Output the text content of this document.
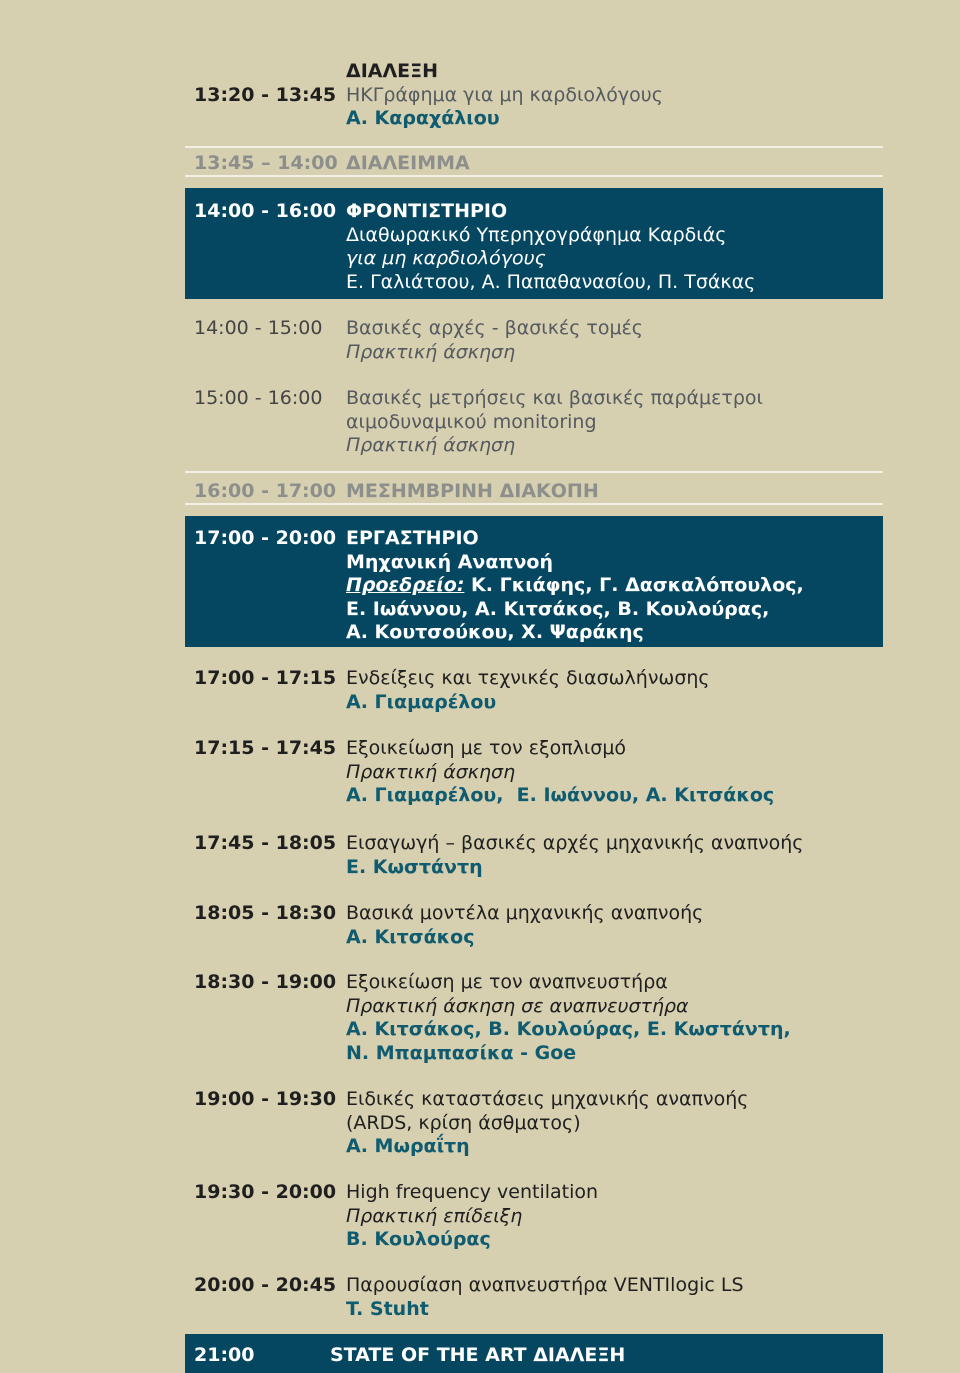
13:20 - 13:45
ΔΙΑΛΕΞΗ
ΗΚΓράφημα για μη καρδιολόγους
Α. Καραχάλιου
13:45 – 14:00 ΔΙΑΛΕΙΜΜΑ
14:00 - 16:00 ΦΡΟΝΤΙΣΤΗΡΙΟ
Διαθωρακικό Υπερηχογράφημα Καρδιάς
για μη καρδιολόγους
Ε. Γαλιάτσου, Α. Παπαθανασίου, Π. Τσάκας
14:00 - 15:00 Βασικές αρχές - βασικές τομές
Πρακτική άσκηση
15:00 - 16:00 Βασικές μετρήσεις και βασικές παράμετροι
αιμοδυναμικού monitoring
Πρακτική άσκηση
16:00 - 17:00 ΜΕΣΗΜΒΡΙΝΗ ΔΙΑΚΟΠΗ
17:00 - 20:00 ΕΡΓΑΣΤΗΡΙΟ
Μηχανική Αναπνοή
Προεδρείο: Κ. Γκιάφης, Γ. Δασκαλόπουλος,
Ε. Ιωάννου, Α. Κιτσάκος, Β. Κουλούρας,
Α. Κουτσούκου, Χ. Ψαράκης
17:00 - 17:15 Ενδείξεις και τεχνικές διασωλήνωσης
Α. Γιαμαρέλου
17:15 - 17:45 Εξοικείωση με τον εξοπλισμό
Πρακτική άσκηση
Α. Γιαμαρέλου,  Ε. Ιωάννου, Α. Κιτσάκος
17:45 - 18:05 Εισαγωγή – βασικές αρχές μηχανικής αναπνοής
Ε. Κωστάντη
18:05 - 18:30 Βασικά μοντέλα μηχανικής αναπνοής
Α. Κιτσάκος
18:30 - 19:00 Εξοικείωση με τον αναπνευστήρα
Πρακτική άσκηση σε αναπνευστήρα
Α. Κιτσάκος, Β. Κουλούρας, Ε. Κωστάντη,
Ν. Μπαμπασίκα - Goe
19:00 - 19:30 Ειδικές καταστάσεις μηχανικής αναπνοής
(ARDS, κρίση άσθματος)
Α. Μωραΐτη
19:30 - 20:00 High frequency ventilation
Πρακτική επίδειξη
Β. Κουλούρας
20:00 - 20:45 Παρουσίαση αναπνευστήρα VENTIlogic LS
T. Stuht
21:00	STATE OF THE ART ΔΙΑΛΕΞΗ
